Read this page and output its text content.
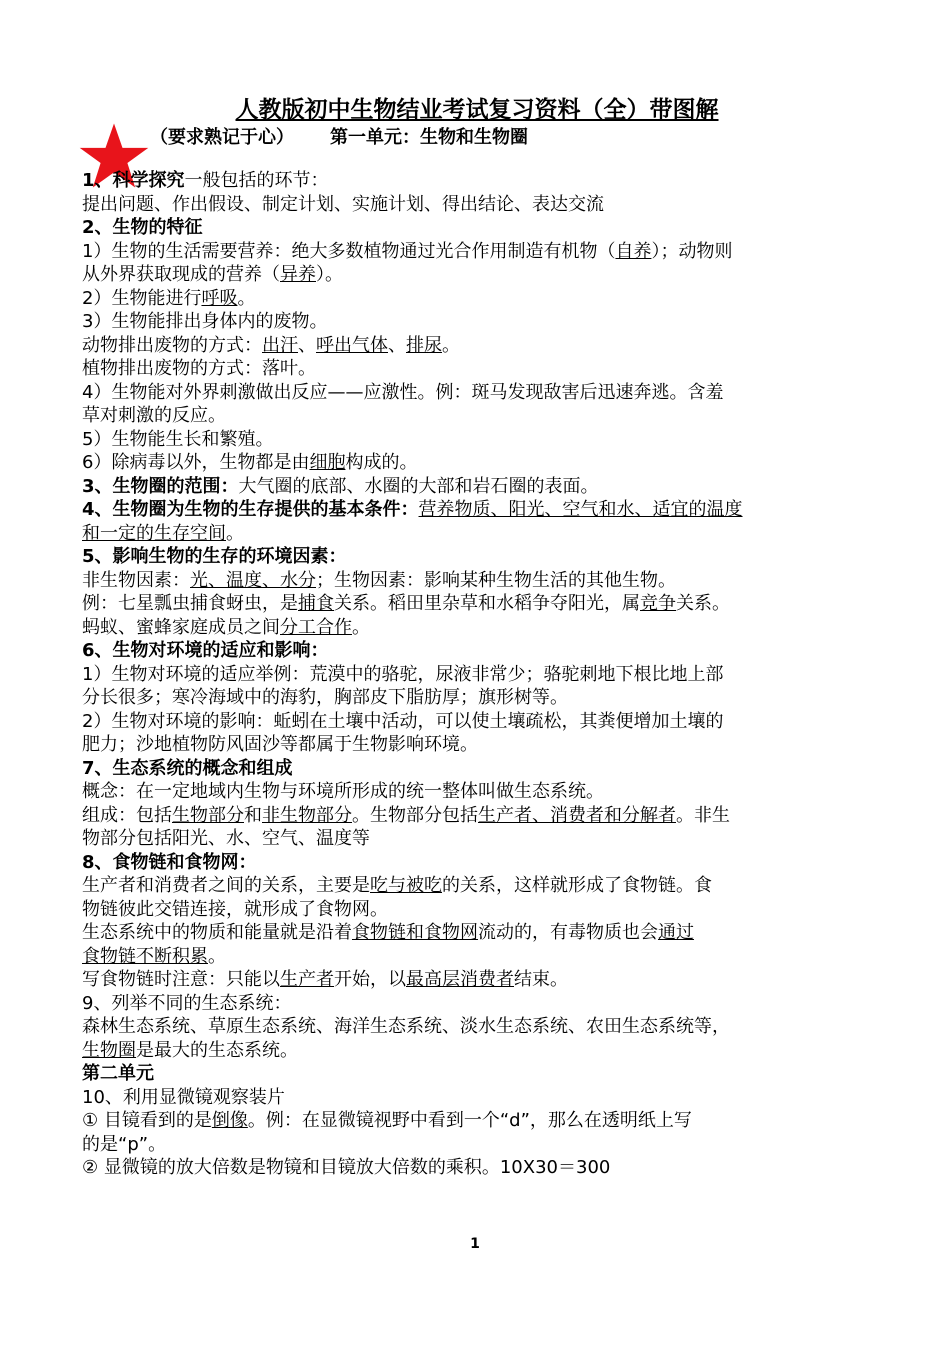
人教版初中生物结业考试复习资料（全）带图解

（要求熟记于心） 第一单元：生物和生物圈

1、科学探究一般包括的环节：

提出问题、作出假设、制定计划、实施计划、得出结论、表达交流

2、生物的特征

1）生物的生活需要营养：绝大多数植物通过光合作用制造有机物（自养）；动物则

从外界获取现成的营养（异养）。

2）生物能进行呼吸。

3）生物能排出身体内的废物。

动物排出废物的方式：出汗、呼出气体、排尿。

植物排出废物的方式：落叶。

4）生物能对外界刺激做出反应——应激性。例：斑马发现敌害后迅速奔逃。含羞

草对刺激的反应。

5）生物能生长和繁殖。

6）除病毒以外，生物都是由细胞构成的。

3、生物圈的范围：大气圈的底部、水圈的大部和岩石圈的表面。

4、生物圈为生物的生存提供的基本条件：营养物质、阳光、空气和水、适宜的温度

和一定的生存空间。

5、影响生物的生存的环境因素：

非生物因素：光、温度、水分；生物因素：影响某种生物生活的其他生物。

例：七星瓢虫捕食蚜虫，是捕食关系。稻田里杂草和水稻争夺阳光，属竞争关系。

蚂蚁、蜜蜂家庭成员之间分工合作。

6、生物对环境的适应和影响：

1）生物对环境的适应举例：荒漠中的骆驼，尿液非常少；骆驼刺地下根比地上部

分长很多；寒冷海域中的海豹，胸部皮下脂肪厚；旗形树等。

2）生物对环境的影响：蚯蚓在土壤中活动，可以使土壤疏松，其粪便增加土壤的

肥力；沙地植物防风固沙等都属于生物影响环境。

7、生态系统的概念和组成

概念：在一定地域内生物与环境所形成的统一整体叫做生态系统。

组成：包括生物部分和非生物部分。生物部分包括生产者、消费者和分解者。非生

物部分包括阳光、水、空气、温度等

8、食物链和食物网：

生产者和消费者之间的关系，主要是吃与被吃的关系，这样就形成了食物链。食

物链彼此交错连接，就形成了食物网。

生态系统中的物质和能量就是沿着食物链和食物网流动的，有毒物质也会通过

食物链不断积累。

写食物链时注意：只能以生产者开始，以最高层消费者结束。

9、列举不同的生态系统：

森林生态系统、草原生态系统、海洋生态系统、淡水生态系统、农田生态系统等，

生物圈是最大的生态系统。

第二单元

10、利用显微镜观察装片

① 目镜看到的是倒像。例：在显微镜视野中看到一个“d”，那么在透明纸上写

的是“p”。

② 显微镜的放大倍数是物镜和目镜放大倍数的乘积。10X30＝300

1
